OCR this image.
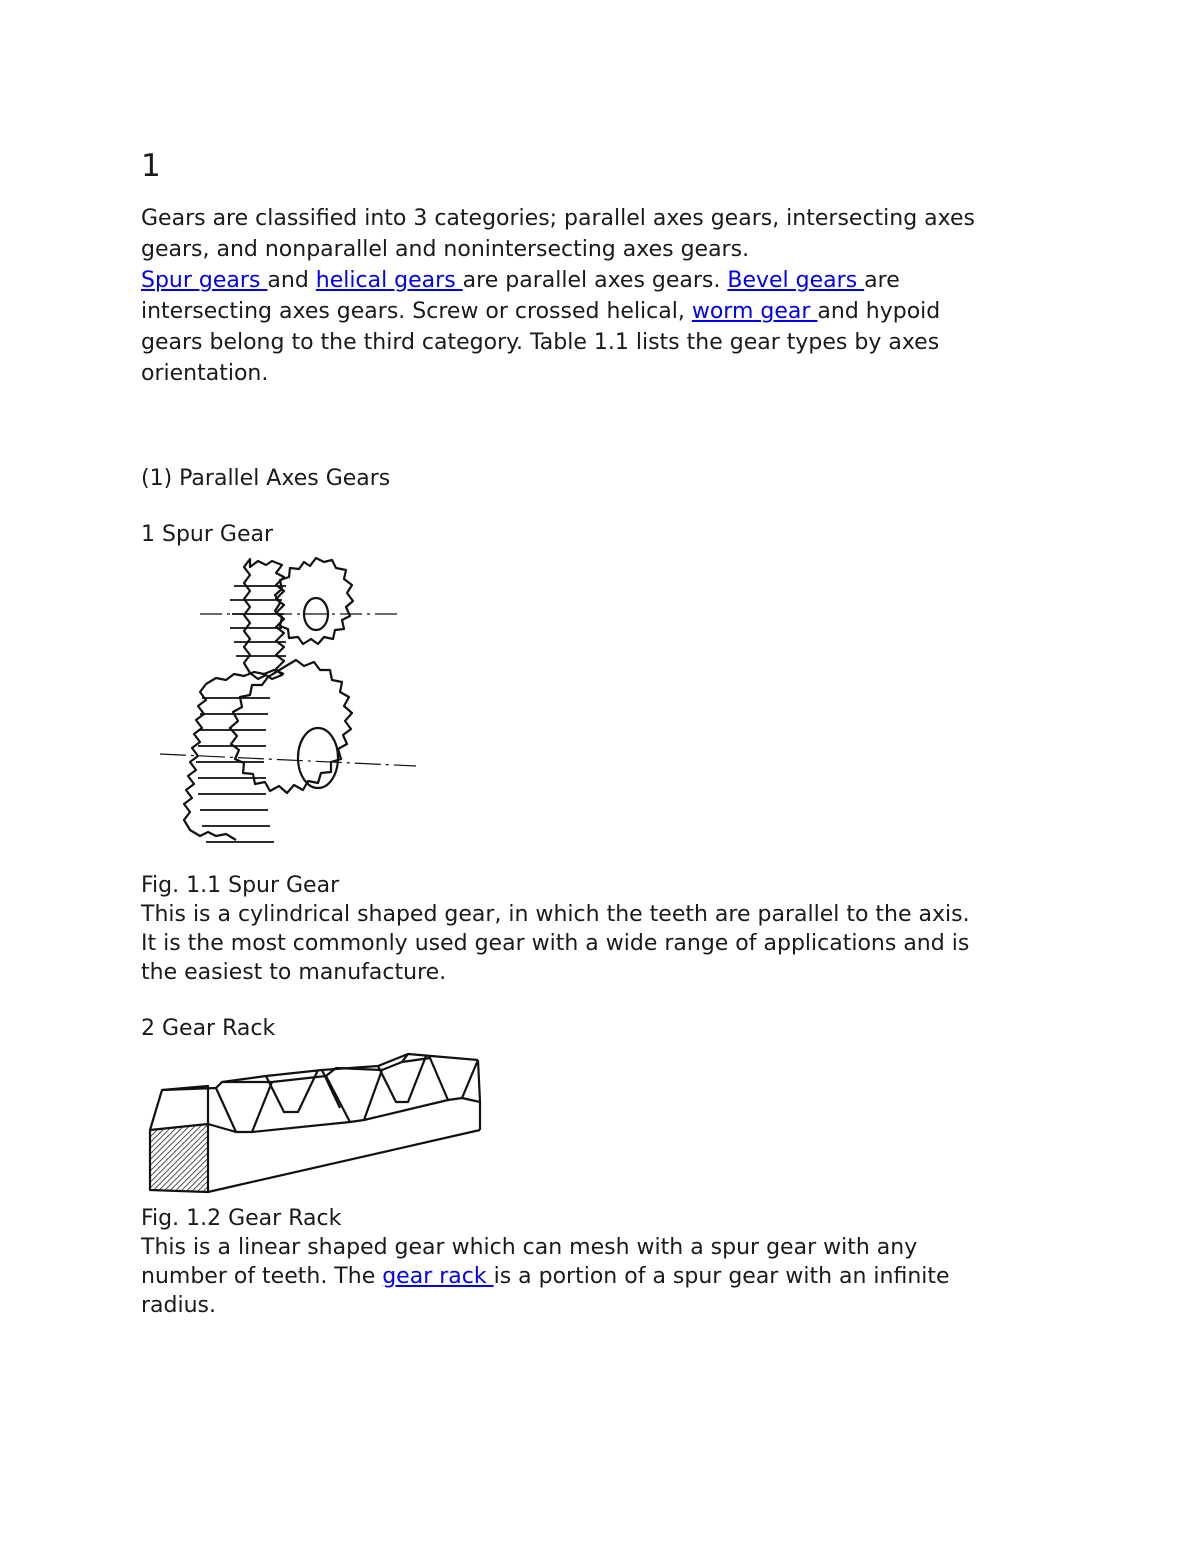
1

Gears are classified into 3 categories; parallel axes gears, intersecting axes

gears, and nonparallel and nonintersecting axes gears.

Spur gears and helical gears are parallel axes gears. Bevel gears are

intersecting axes gears. Screw or crossed helical, worm gear and hypoid

gears belong to the third category. Table 1.1 lists the gear types by axes

orientation.

(1) Parallel Axes Gears

1 Spur Gear

Fig. 1.1 Spur Gear

This is a cylindrical shaped gear, in which the teeth are parallel to the axis.

It is the most commonly used gear with a wide range of applications and is

the easiest to manufacture.

2 Gear Rack

Fig. 1.2 Gear Rack

This is a linear shaped gear which can mesh with a spur gear with any

number of teeth. The gear rack is a portion of a spur gear with an infinite

radius.
